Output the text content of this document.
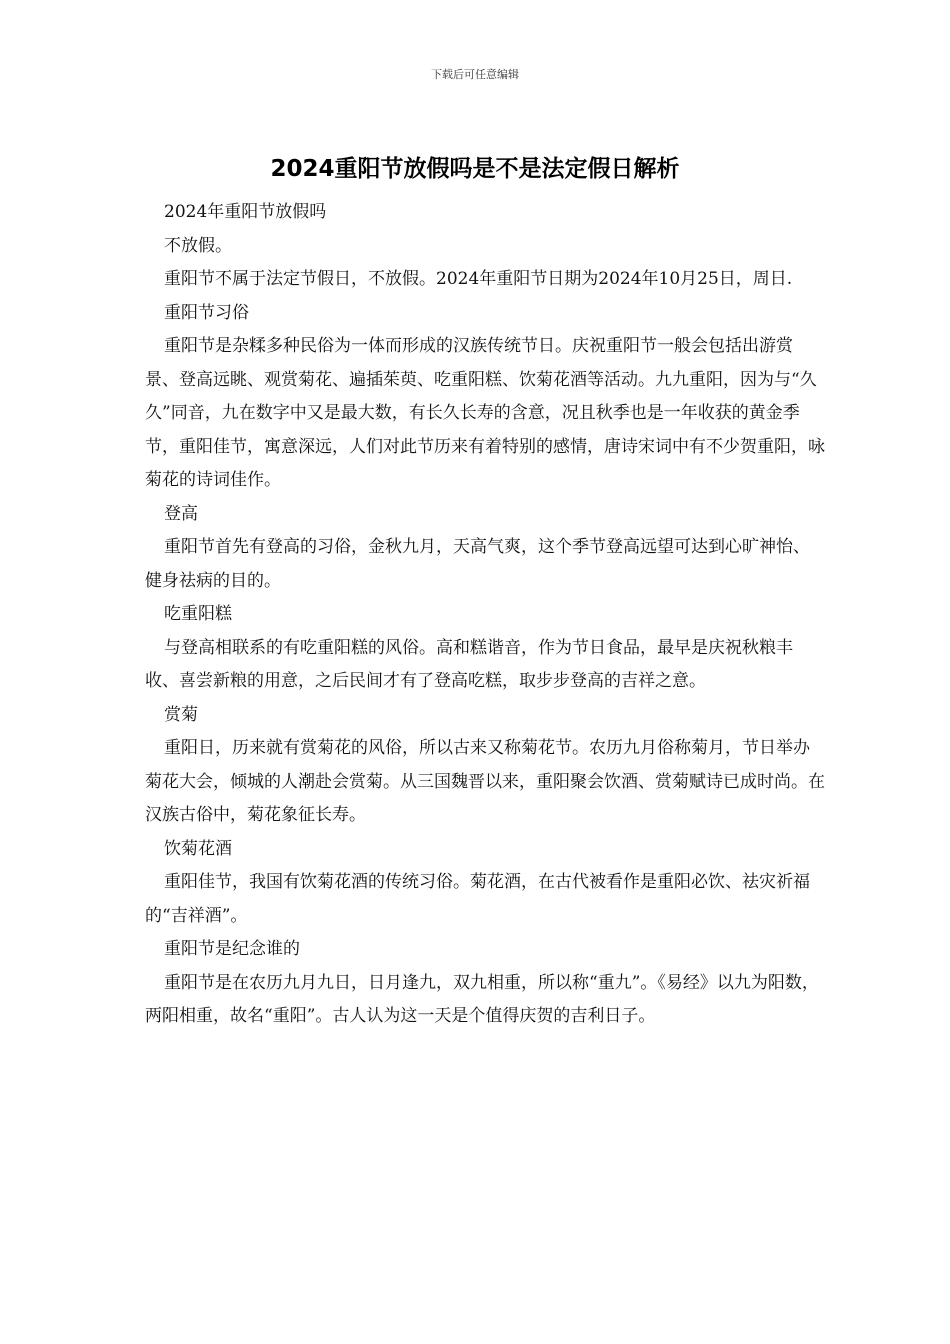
下载后可任意编辑
2024重阳节放假吗是不是法定假日解析

2024年重阳节放假吗

不放假。

重阳节不属于法定节假日，不放假。2024年重阳节日期为2024年10月25日，周日.

重阳节习俗

重阳节是杂糅多种民俗为一体而形成的汉族传统节日。庆祝重阳节一般会包括出游赏景、登高远眺、观赏菊花、遍插茱萸、吃重阳糕、饮菊花酒等活动。九九重阳，因为与“久久”同音，九在数字中又是最大数，有长久长寿的含意，况且秋季也是一年收获的黄金季节，重阳佳节，寓意深远，人们对此节历来有着特别的感情，唐诗宋词中有不少贺重阳，咏菊花的诗词佳作。

登高

重阳节首先有登高的习俗，金秋九月，天高气爽，这个季节登高远望可达到心旷神怡、健身祛病的目的。

吃重阳糕

与登高相联系的有吃重阳糕的风俗。高和糕谐音，作为节日食品，最早是庆祝秋粮丰收、喜尝新粮的用意，之后民间才有了登高吃糕，取步步登高的吉祥之意。

赏菊

重阳日，历来就有赏菊花的风俗，所以古来又称菊花节。农历九月俗称菊月，节日举办菊花大会，倾城的人潮赴会赏菊。从三国魏晋以来，重阳聚会饮酒、赏菊赋诗已成时尚。在汉族古俗中，菊花象征长寿。

饮菊花酒

重阳佳节，我国有饮菊花酒的传统习俗。菊花酒，在古代被看作是重阳必饮、祛灾祈福的“吉祥酒”。

重阳节是纪念谁的

重阳节是在农历九月九日，日月逢九，双九相重，所以称“重九”。《易经》以九为阳数，两阳相重，故名“重阳”。古人认为这一天是个值得庆贺的吉利日子。
